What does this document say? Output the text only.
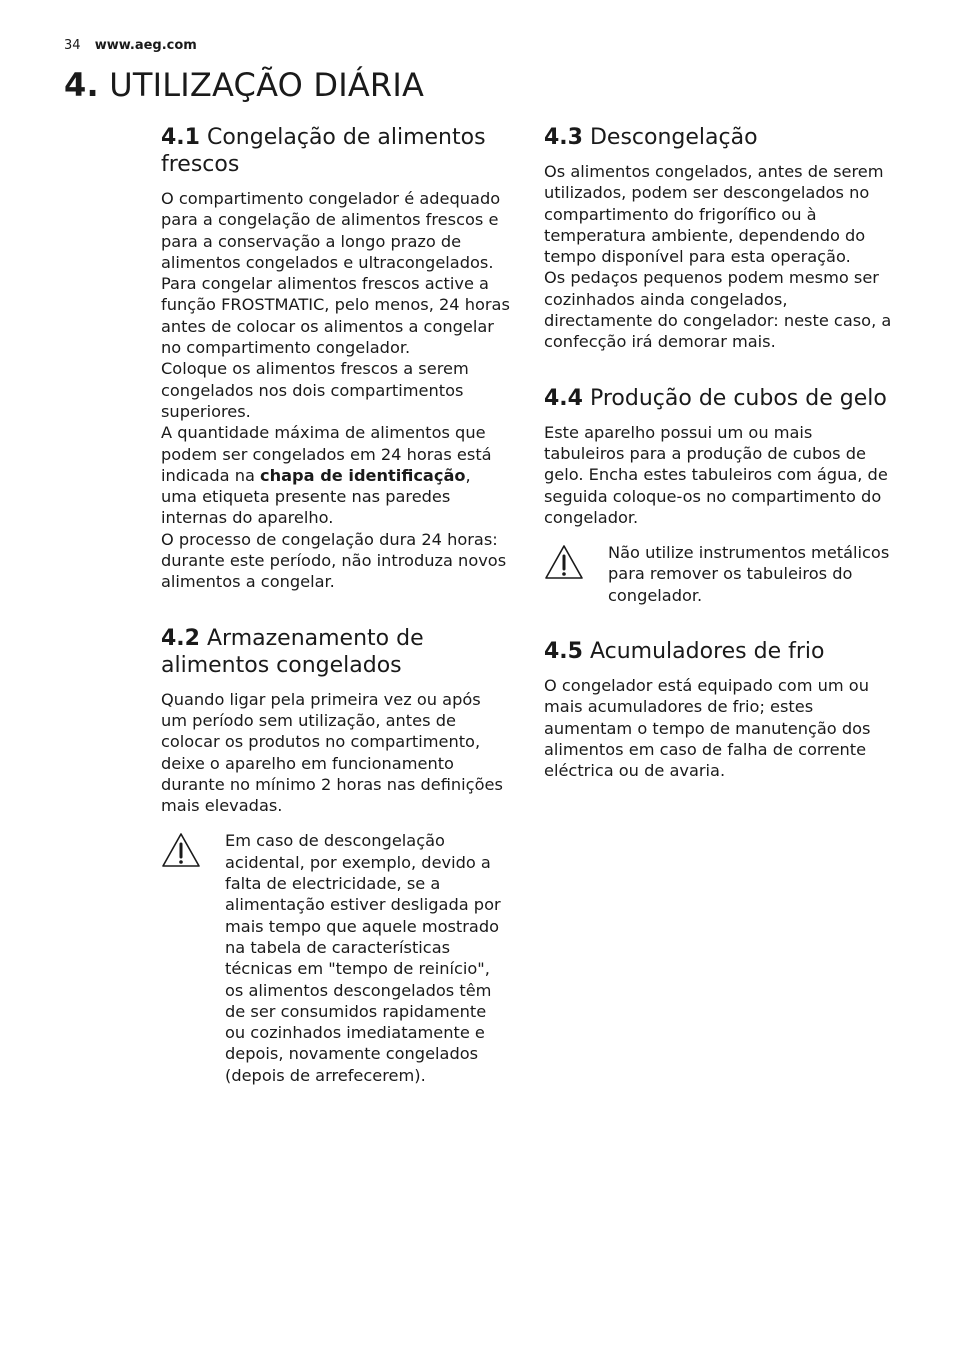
34 www.aeg.com
4. UTILIZAÇÃO DIÁRIA
4.1 Congelação de alimentos frescos

O compartimento congelador é adequado para a congelação de alimentos frescos e para a conservação a longo prazo de alimentos congelados e ultracongelados.

Para congelar alimentos frescos active a função FROSTMATIC, pelo menos, 24 horas antes de colocar os alimentos a congelar no compartimento congelador.

Coloque os alimentos frescos a serem congelados nos dois compartimentos superiores.

A quantidade máxima de alimentos que podem ser congelados em 24 horas está indicada na chapa de identificação, uma etiqueta presente nas paredes internas do aparelho.

O processo de congelação dura 24 horas: durante este período, não introduza novos alimentos a congelar.

4.2 Armazenamento de alimentos congelados

Quando ligar pela primeira vez ou após um período sem utilização, antes de colocar os produtos no compartimento, deixe o aparelho em funcionamento durante no mínimo 2 horas nas definições mais elevadas.

Em caso de descongelação acidental, por exemplo, devido a falta de electricidade, se a alimentação estiver desligada por mais tempo que aquele mostrado na tabela de características técnicas em "tempo de reinício", os alimentos descongelados têm de ser consumidos rapidamente ou cozinhados imediatamente e depois, novamente congelados (depois de arrefecerem).

4.3 Descongelação

Os alimentos congelados, antes de serem utilizados, podem ser descongelados no compartimento do frigorífico ou à temperatura ambiente, dependendo do tempo disponível para esta operação.

Os pedaços pequenos podem mesmo ser cozinhados ainda congelados, directamente do congelador: neste caso, a confecção irá demorar mais.

4.4 Produção de cubos de gelo

Este aparelho possui um ou mais tabuleiros para a produção de cubos de gelo. Encha estes tabuleiros com água, de seguida coloque-os no compartimento do congelador.

Não utilize instrumentos metálicos para remover os tabuleiros do congelador.

4.5 Acumuladores de frio

O congelador está equipado com um ou mais acumuladores de frio; estes aumentam o tempo de manutenção dos alimentos em caso de falha de corrente eléctrica ou de avaria.
